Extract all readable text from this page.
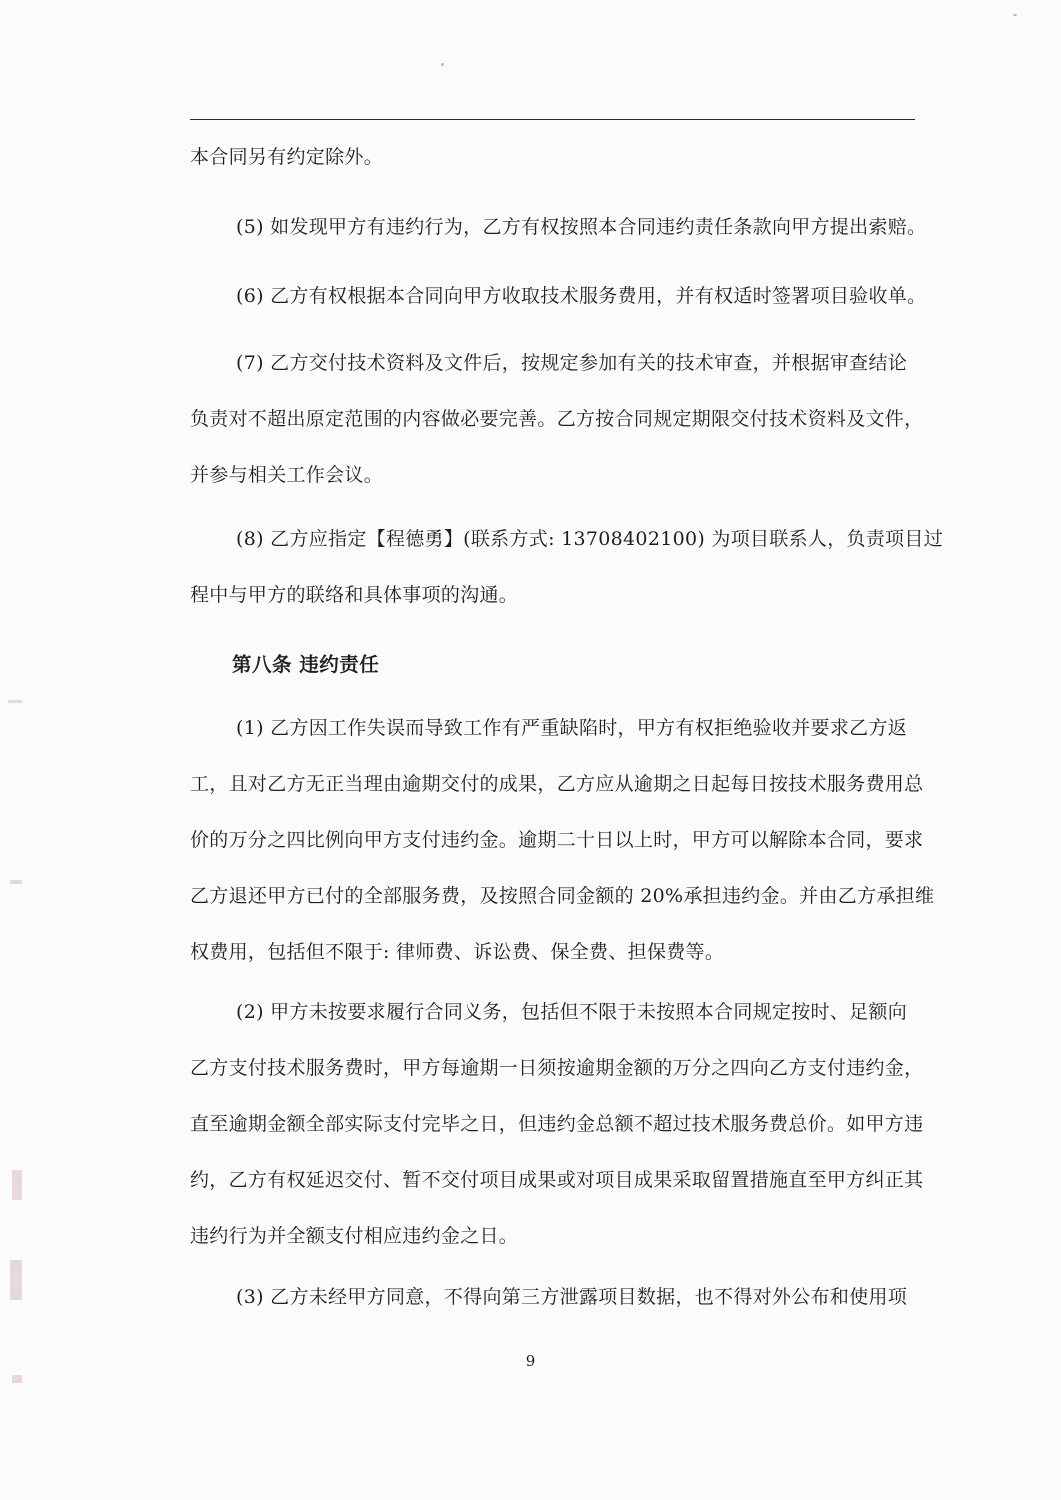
本合同另有约定除外。

(5) 如发现甲方有违约行为，乙方有权按照本合同违约责任条款向甲方提出索赔。

(6) 乙方有权根据本合同向甲方收取技术服务费用，并有权适时签署项目验收单。

(7) 乙方交付技术资料及文件后，按规定参加有关的技术审查，并根据审查结论
负责对不超出原定范围的内容做必要完善。乙方按合同规定期限交付技术资料及文件，
并参与相关工作会议。

(8) 乙方应指定【程德勇】(联系方式: 13708402100) 为项目联系人，负责项目过
程中与甲方的联络和具体事项的沟通。

第八条 违约责任

(1) 乙方因工作失误而导致工作有严重缺陷时，甲方有权拒绝验收并要求乙方返
工，且对乙方无正当理由逾期交付的成果，乙方应从逾期之日起每日按技术服务费用总
价的万分之四比例向甲方支付违约金。逾期二十日以上时，甲方可以解除本合同，要求
乙方退还甲方已付的全部服务费，及按照合同金额的 20%承担违约金。并由乙方承担维
权费用，包括但不限于: 律师费、诉讼费、保全费、担保费等。

(2) 甲方未按要求履行合同义务，包括但不限于未按照本合同规定按时、足额向
乙方支付技术服务费时，甲方每逾期一日须按逾期金额的万分之四向乙方支付违约金，
直至逾期金额全部实际支付完毕之日，但违约金总额不超过技术服务费总价。如甲方违
约，乙方有权延迟交付、暂不交付项目成果或对项目成果采取留置措施直至甲方纠正其
违约行为并全额支付相应违约金之日。

(3) 乙方未经甲方同意，不得向第三方泄露项目数据，也不得对外公布和使用项

9
